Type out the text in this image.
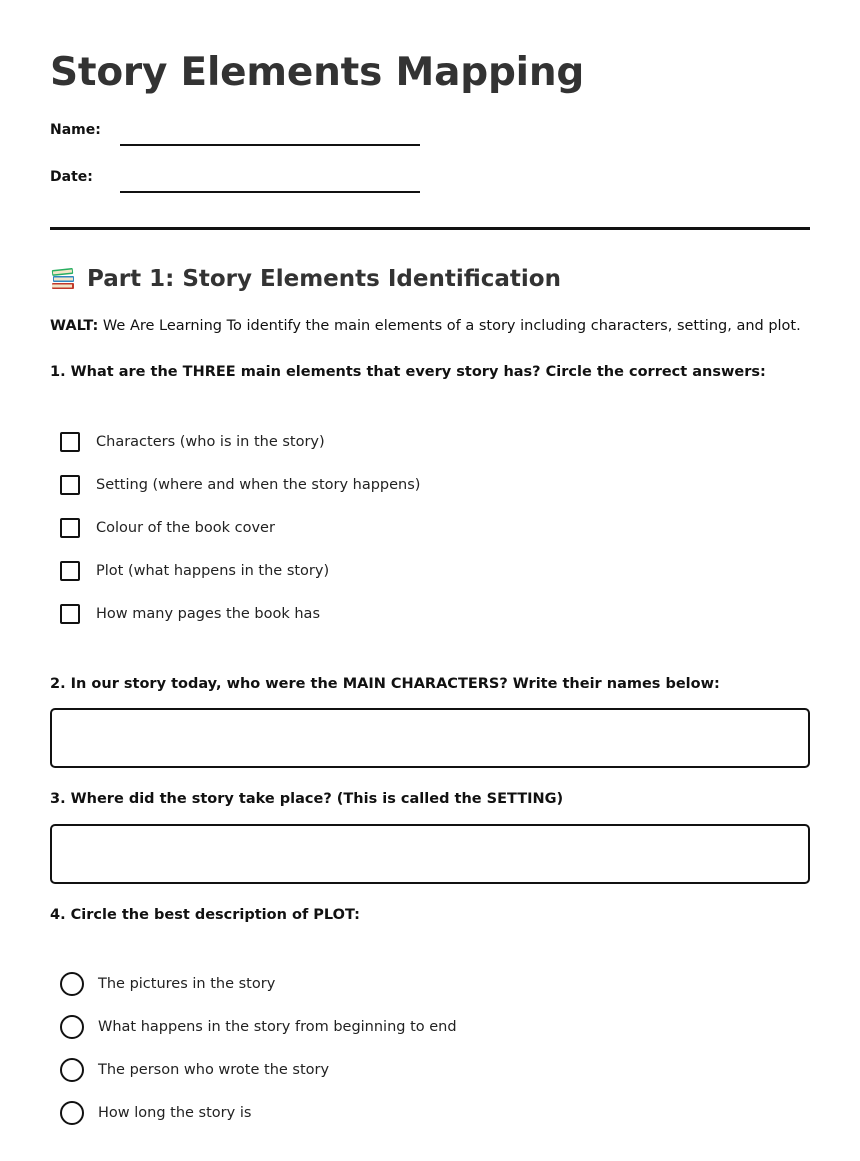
Story Elements Mapping
Name:
Date:
Part 1: Story Elements Identification
WALT: We Are Learning To identify the main elements of a story including characters, setting, and plot.
1. What are the THREE main elements that every story has? Circle the correct answers:
Characters (who is in the story)
Setting (where and when the story happens)
Colour of the book cover
Plot (what happens in the story)
How many pages the book has
2. In our story today, who were the MAIN CHARACTERS? Write their names below:
3. Where did the story take place? (This is called the SETTING)
4. Circle the best description of PLOT:
The pictures in the story
What happens in the story from beginning to end
The person who wrote the story
How long the story is
